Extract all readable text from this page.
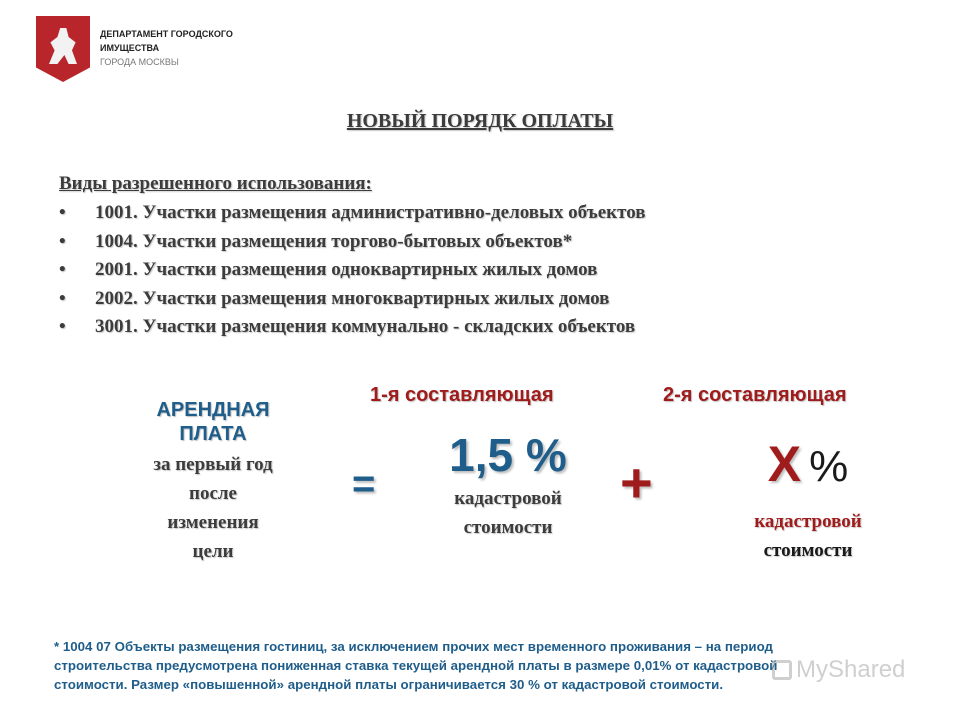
ДЕПАРТАМЕНТ ГОРОДСКОГО
ИМУЩЕСТВА
ГОРОДА МОСКВЫ
НОВЫЙ ПОРЯДК ОПЛАТЫ
Виды разрешенного использования:
• 1001. Участки размещения административно-деловых объектов
• 1004. Участки размещения торгово-бытовых объектов*
• 2001. Участки размещения одноквартирных жилых домов
• 2002. Участки размещения многоквартирных жилых домов
• 3001. Участки размещения коммунально - складских объектов
АРЕНДНАЯ
ПЛАТА
за первый год
после
изменения
цели
1-я составляющая	2-я составляющая
=
1,5 %
кадастровой
стоимости
+	Х %
кадастровой
стоимости
* 1004 07 Объекты размещения гостиниц, за исключением прочих мест временного проживания – на период
строительства предусмотрена пониженная ставка текущей арендной платы в размере 0,01% от кадастровой
стоимости. Размер «повышенной» арендной платы ограничивается 30 % от кадастровой стоимости.
MyShared
